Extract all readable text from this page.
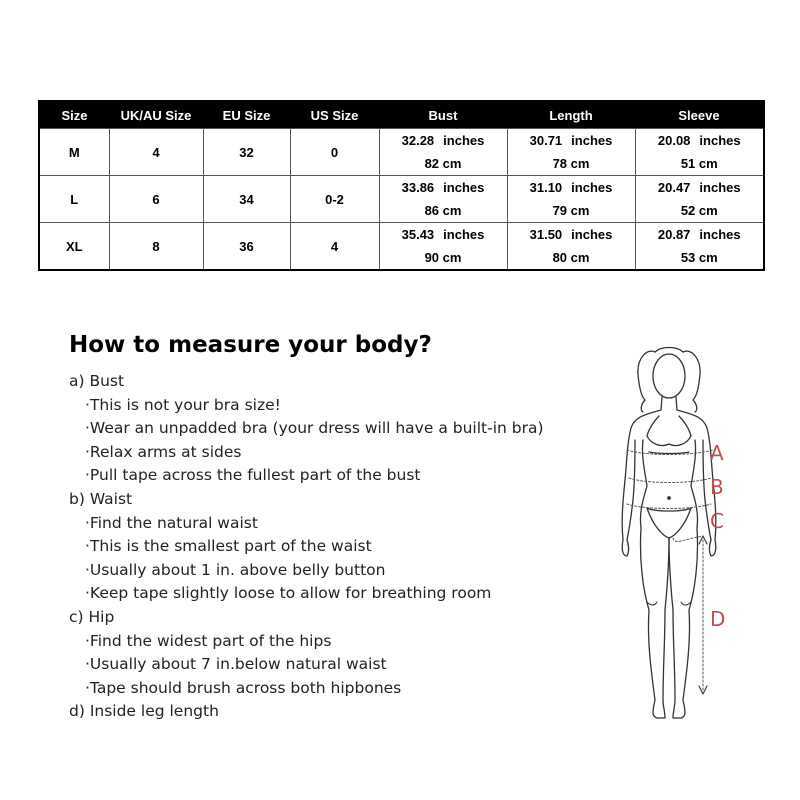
Size	UK/AU Size	EU Size	US Size	Bust	Length	Sleeve
M	4	32	0	32.28 inches	30.71 inches	20.08 inches
				82 cm	78 cm	51 cm
L	6	34	0-2	33.86 inches	31.10 inches	20.47 inches
				86 cm	79 cm	52 cm
XL	8	36	4	35.43 inches	31.50 inches	20.87 inches
				90 cm	80 cm	53 cm
How to measure your body?
a) Bust
·This is not your bra size!
·Wear an unpadded bra (your dress will have a built-in bra)
·Relax arms at sides
·Pull tape across the fullest part of the bust
b) Waist
·Find the natural waist
·This is the smallest part of the waist
·Usually about 1 in. above belly button
·Keep tape slightly loose to allow for breathing room
c) Hip
·Find the widest part of the hips
·Usually about 7 in.below natural waist
·Tape should brush across both hipbones
d) Inside leg length
A
B
C
D
